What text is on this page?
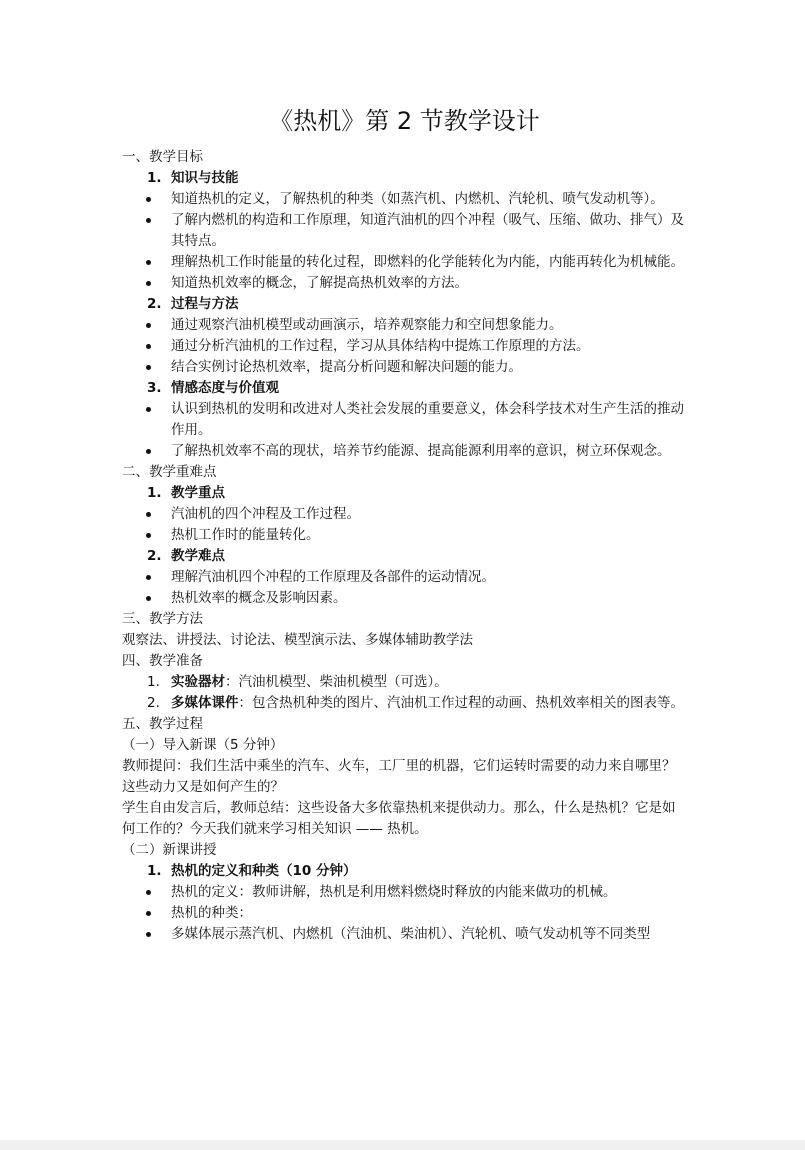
《热机》第 2 节教学设计
一、教学目标
1. 知识与技能
知道热机的定义，了解热机的种类（如蒸汽机、内燃机、汽轮机、喷气发动机等）。
了解内燃机的构造和工作原理，知道汽油机的四个冲程（吸气、压缩、做功、排气）及其特点。
理解热机工作时能量的转化过程，即燃料的化学能转化为内能，内能再转化为机械能。
知道热机效率的概念，了解提高热机效率的方法。
2. 过程与方法
通过观察汽油机模型或动画演示，培养观察能力和空间想象能力。
通过分析汽油机的工作过程，学习从具体结构中提炼工作原理的方法。
结合实例讨论热机效率，提高分析问题和解决问题的能力。
3. 情感态度与价值观
认识到热机的发明和改进对人类社会发展的重要意义，体会科学技术对生产生活的推动作用。
了解热机效率不高的现状，培养节约能源、提高能源利用率的意识，树立环保观念。
二、教学重难点
1. 教学重点
汽油机的四个冲程及工作过程。
热机工作时的能量转化。
2. 教学难点
理解汽油机四个冲程的工作原理及各部件的运动情况。
热机效率的概念及影响因素。
三、教学方法
观察法、讲授法、讨论法、模型演示法、多媒体辅助教学法
四、教学准备
1. 实验器材：汽油机模型、柴油机模型（可选）。
2. 多媒体课件：包含热机种类的图片、汽油机工作过程的动画、热机效率相关的图表等。
五、教学过程
（一）导入新课（5 分钟）
教师提问：我们生活中乘坐的汽车、火车，工厂里的机器，它们运转时需要的动力来自哪里？这些动力又是如何产生的？
学生自由发言后，教师总结：这些设备大多依靠热机来提供动力。那么，什么是热机？它是如何工作的？今天我们就来学习相关知识 —— 热机。
（二）新课讲授
1. 热机的定义和种类（10 分钟）
热机的定义：教师讲解，热机是利用燃料燃烧时释放的内能来做功的机械。
热机的种类：
多媒体展示蒸汽机、内燃机（汽油机、柴油机）、汽轮机、喷气发动机等不同类型
